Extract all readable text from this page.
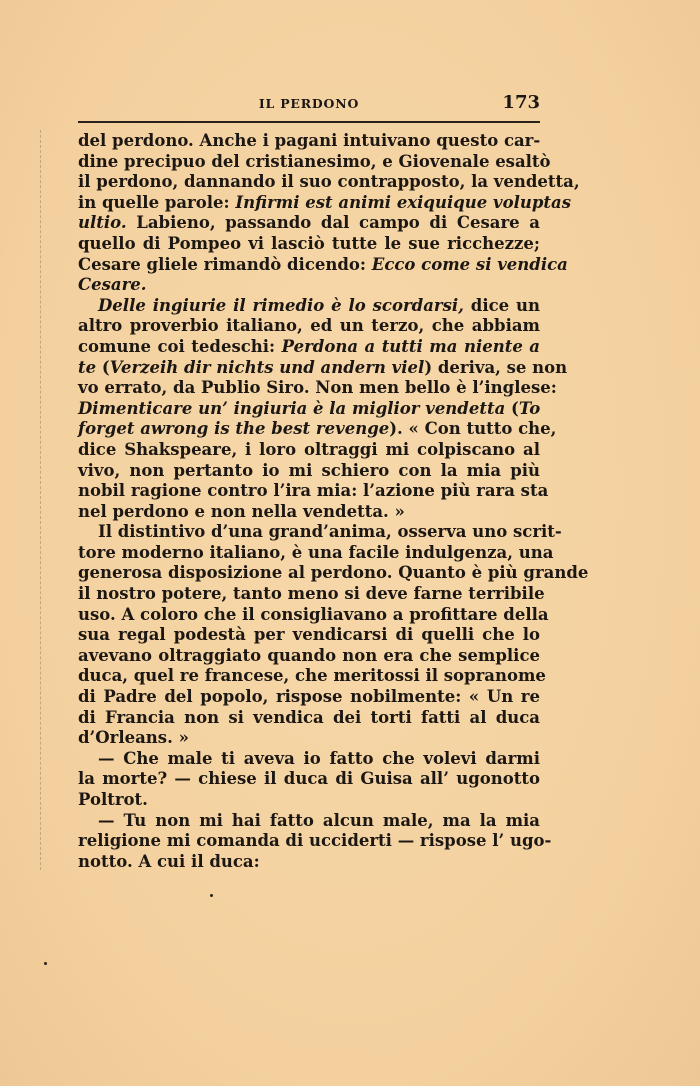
IL PERDONO	173
del perdono. Anche i pagani intuivano questo car-
dine precipuo del cristianesimo, e Giovenale esaltò
il perdono, dannando il suo contrapposto, la vendetta,
in quelle parole: Infirmi est animi exiquique voluptas
ultio. Labieno, passando dal campo di Cesare a
quello di Pompeo vi lasciò tutte le sue ricchezze;
Cesare gliele rimandò dicendo: Ecco come si vendica
Cesare.
Delle ingiurie il rimedio è lo scordarsi, dice un
altro proverbio italiano, ed un terzo, che abbiam
comune coi tedeschi: Perdona a tutti ma niente a
te (Verzeih dir nichts und andern viel) deriva, se non
vo errato, da Publio Siro. Non men bello è l’inglese:
Dimenticare un’ ingiuria è la miglior vendetta (To
forget awrong is the best revenge). « Con tutto che,
dice Shakspeare, i loro oltraggi mi colpiscano al
vivo, non pertanto io mi schiero con la mia più
nobil ragione contro l’ira mia: l’azione più rara sta
nel perdono e non nella vendetta. »
Il distintivo d’una grand’anima, osserva uno scrit-
tore moderno italiano, è una facile indulgenza, una
generosa disposizione al perdono. Quanto è più grande
il nostro potere, tanto meno si deve farne terribile
uso. A coloro che il consigliavano a profittare della
sua regal podestà per vendicarsi di quelli che lo
avevano oltraggiato quando non era che semplice
duca, quel re francese, che meritossi il sopranome
di Padre del popolo, rispose nobilmente: « Un re
di Francia non si vendica dei torti fatti al duca
d’Orleans. »
— Che male ti aveva io fatto che volevi darmi
la morte? — chiese il duca di Guisa all’ ugonotto
Poltrot.
— Tu non mi hai fatto alcun male, ma la mia
religione mi comanda di ucciderti — rispose l’ ugo-
notto. A cui il duca:
